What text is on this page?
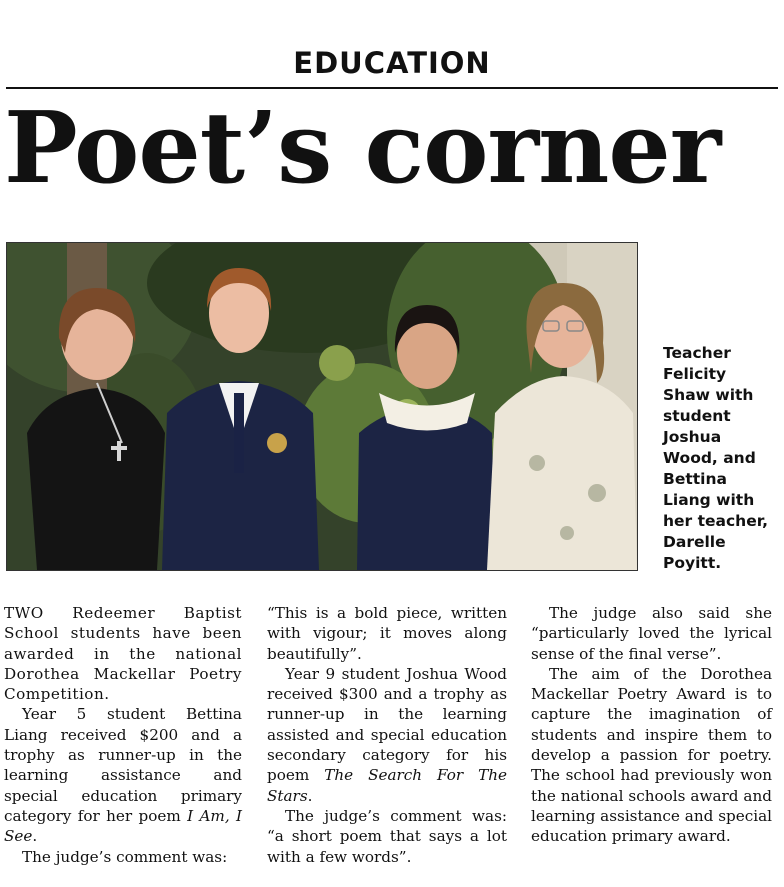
EDUCATION
Poet’s corner
Teacher Felicity Shaw with student Joshua Wood, and Bettina Liang with her teacher, Darelle Poyitt.

TWO Redeemer Baptist School students have been awarded in the national Dorothea Mackellar Poetry Competition.

Year 5 student Bettina Liang received $200 and a trophy as runner-up in the learning assistance and special education primary category for her poem I Am, I See.

The judge’s comment was:

“This is a bold piece, written with vigour; it moves along beautifully”.

Year 9 student Joshua Wood received $300 and a trophy as runner-up in the learning assisted and special education secondary category for his poem The Search For The Stars.

The judge’s comment was: “a short poem that says a lot with a few words”.

The judge also said she “particularly loved the lyrical sense of the final verse”.

The aim of the Dorothea Mackellar Poetry Award is to capture the imagination of students and inspire them to develop a passion for poetry. The school had previously won the national schools award and learning assistance and special education primary award.
